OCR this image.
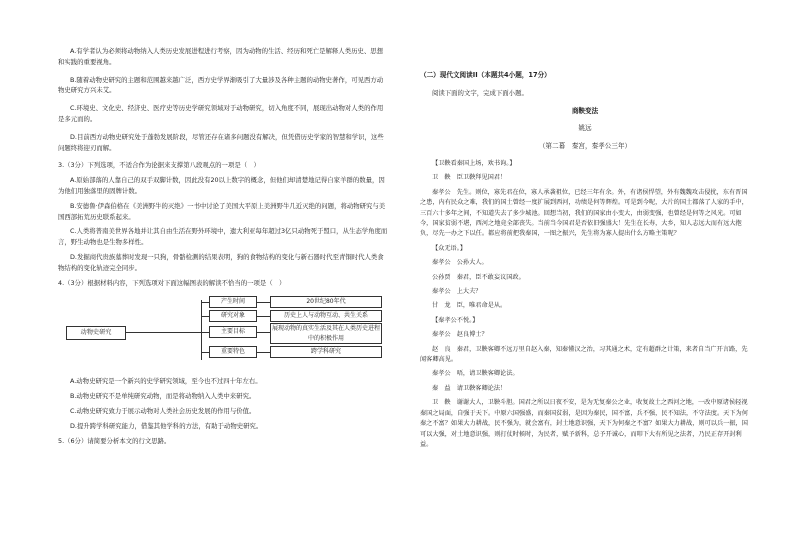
A.有学者认为必须将动物纳入人类历史发展进程进行考察，因为动物的生活、经历和死亡是解释人类历史、思想和实践的重要视角。

B.随着动物史研究的主题和范围越来越广泛，西方史学界渐吸引了大量涉及各种主题的动物史著作，可见西方动物史研究方兴未艾。

C.环境史、文化史、经济史、医疗史等历史学研究领域对于动物研究，切入角度不同，展现出动物对人类的作用是多元而的。

D.目前西方动物史研究处于蓬勃发展阶段，尽管还存在诸多问题没有解决，但凭借历史学家的智慧和学识，这些问题终将迎刃而解。

3.（3分）下列选项，不适合作为论据来支撑第八段观点的一项是（　）

A.原始部落的人靠自己的双手双脚计数，因此没有20以上数字的概念，但他们却清楚地记得自家羊群的数量，因为他们用独落里的固牌计数。

B.安德鲁·伊森伯格在《美洲野牛的灭绝》一书中讨论了美国大平原上美洲野牛几近灭绝的问题，将动物研究与美国西部拓荒历史联系起来。

C.人类将普南美世界各地并让其自由生活在野外环境中，遗大利亚每年超过3亿只动物死于盟口，从生态学角度而言，野生动物也是生物多样性。

D.发掘商代贵族墓葬时发现一只狗，骨骼检测的结果表明，狗的食物结构的变化与新石器时代至青铜时代人类食物结构的变化轨迹完全同步。

4.（3分）根据材料内容，下列选项对下面这幅图表的解读不恰当的一项是（　）

动物史研究
产生时间	20世纪80年代
研究对象	历史上人与动物互动、共生关系
主要目标	展现动物的真实生活及其在人类历史进程中的积极作用
重要特色	跨学科研究

A.动物史研究是一个新兴的史学研究领域，至今也不过四十年左右。

B.动物史研究不是单纯研究动物，而是将动物纳入人类中来研究。

C.动物史研究致力于展示动物对人类社会历史发展的作用与价值。

D.提升跨学科研究能力，借鉴其他学科的方法，有助于动物史研究。

5.（6分）请简要分析本文的行文思路。

（二）现代文阅读II（本题共4小题，17分）

阅读下面的文字，完成下面小题。

商鞅变法

姚远

（第二幕　秦宫，秦孝公三年）

【卫鞅看秦国上场，欢书询。】

卫　鞅　 臣卫鞅拜见国君！

秦孝公　 先生。则位，寡先君在位，寡人承袭祖位，已经三年有余。外，有诸侯悍望，外有魏魏攻击侵扰，东有晋国之患，内有民众之难，我们的国土曾经一度扩展到西河，功绩是何等辉煌。可是到今呢，大片的国土都落了人家的手中，三百六十多年之间，不知道失去了多少城池。回想当初，我们的国家由小变大，由弱变强，也曾经是何等之风光。可如今，国家贫弱不堪，西河之地竟全部丧失。当前当今国君是否依旧强盛大！先生在长寿，大乡，知人志远大而有远大抱负，尽先一办之下以任。都应将前把我秦国，一图之振兴，先生将为寡人提出什么方略主策呢？

【众无语。】

秦孝公　 公孙大人。

公孙贾　 秦君，臣不敢妄议国政。

秦孝公　 上大夫？

甘　龙　 臣，唯君命是从。

【秦孝公不悦。】

秦孝公　 赵良博士？

赵　良　 秦君，卫鞅客卿不远万里自赵入秦，知秦懂汉之治，习其通之术，定有超群之计策，来者自当广开言路，先闻客卿高见。

秦孝公　 唔，请卫鞅客卿论法。

秦　益　 请卫鞅客卿论法！

卫　鞅　 谢谢大人，卫鞅斗胆。国君之所以日夜不安，是为无复秦公之业，收复故土之西河之地，一改中原诸侯轻视秦国之局面，自强于天下。中原六国强盛，而秦国贫弱，是因为秦民，国不富，兵不强，民不知法，不守法度。天下为何秦之不富？如果大力耕战，民不强为，就会富有，封土地意识强，天下为何秦之不富？如果大力耕战，则可以兵一振，国可以大强，对土地意识强，则打仗时候时，为民者，赋予新科，总予开诚心，而叩下大有所见之法者，乃民正存开封利益。
